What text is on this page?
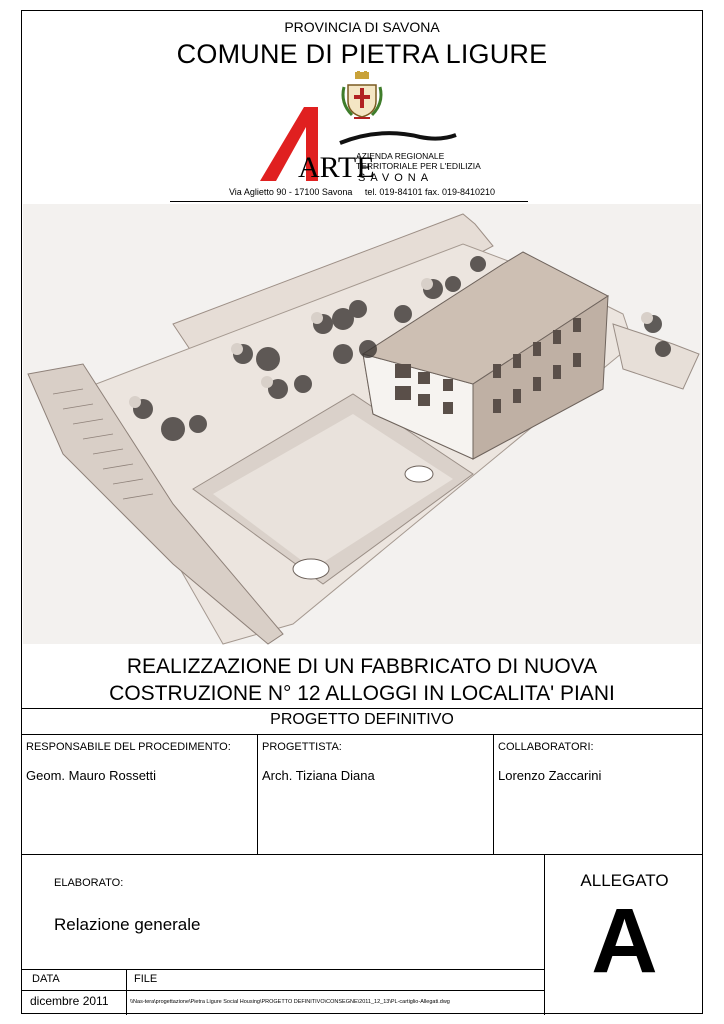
PROVINCIA DI SAVONA
COMUNE DI PIETRA LIGURE
ARTE
AZIENDA REGIONALE
TERRITORIALE PER L'EDILIZIA
SAVONA
Via Aglietto 90 - 17100 Savona tel. 019-84101 fax. 019-8410210
REALIZZAZIONE DI UN FABBRICATO DI NUOVA
COSTRUZIONE N° 12 ALLOGGI IN LOCALITA' PIANI
PROGETTO DEFINITIVO
RESPONSABILE DEL PROCEDIMENTO:
Geom. Mauro Rossetti
PROGETTISTA:
Arch. Tiziana Diana
COLLABORATORI:
Lorenzo Zaccarini
ELABORATO:
Relazione generale
ALLEGATO
A
DATA	FILE
dicembre 2011	\\Nas-tera\progettazione\Pietra Ligure Social Housing\PROGETTO DEFINITIVO\CONSEGNE\2011_12_13\PL-cartiglio-Allegati.dwg
